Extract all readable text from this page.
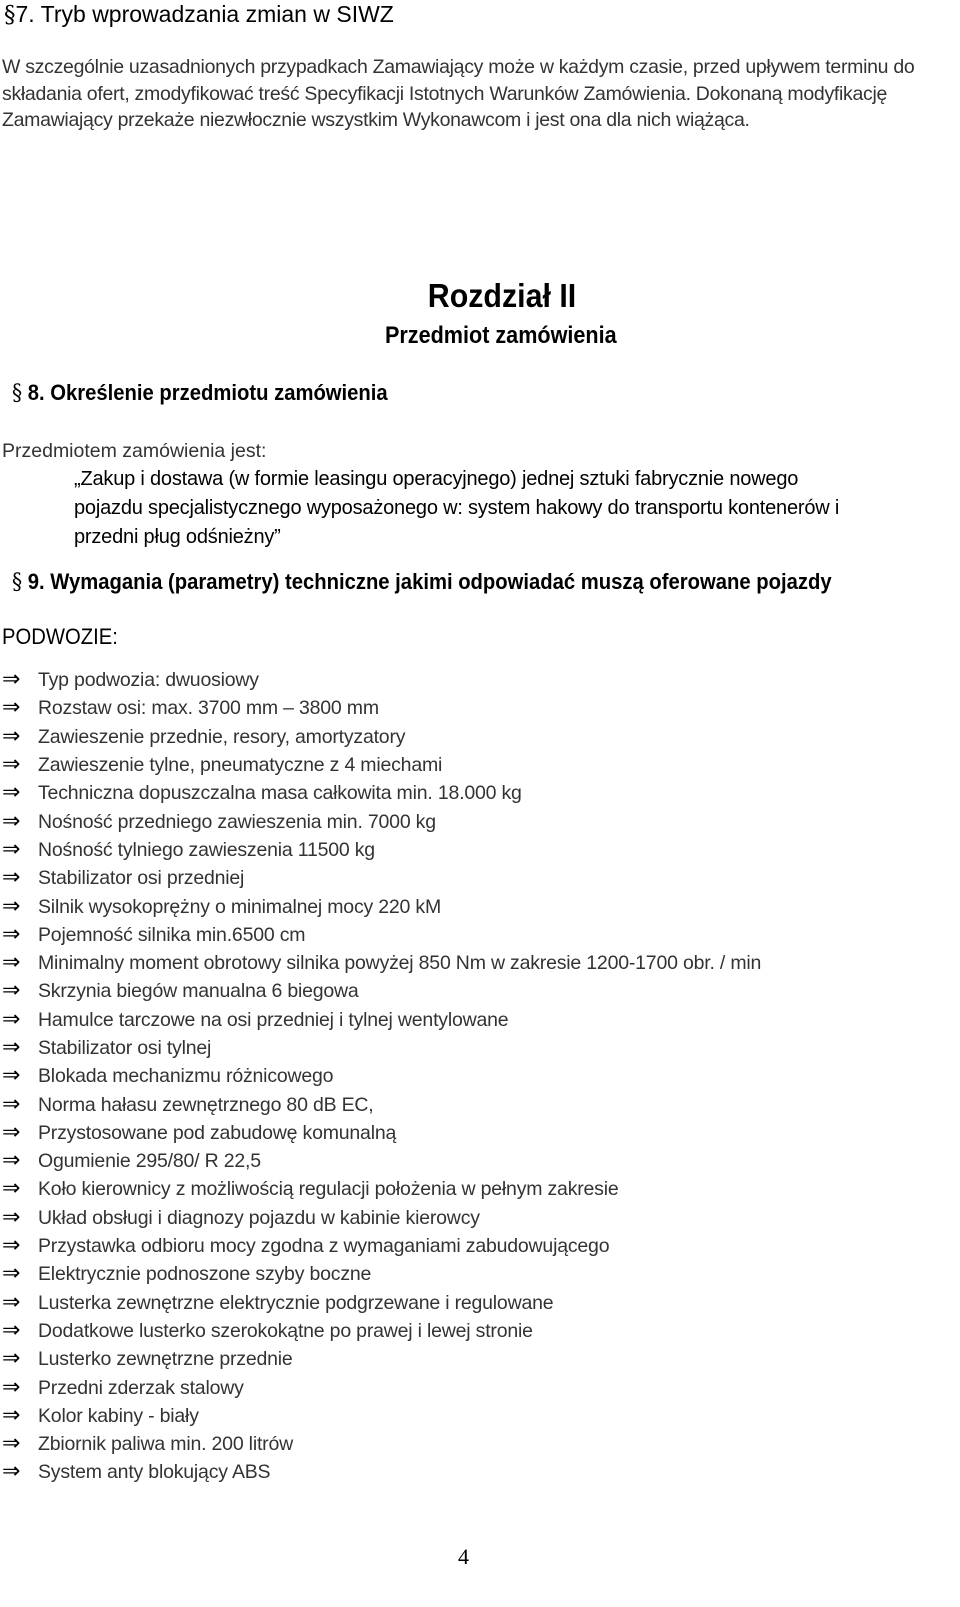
§7. Tryb wprowadzania zmian w SIWZ

W szczególnie uzasadnionych przypadkach Zamawiający może w każdym czasie, przed upływem terminu do

składania ofert, zmodyfikować treść Specyfikacji Istotnych Warunków Zamówienia. Dokonaną modyfikację

Zamawiający przekaże niezwłocznie wszystkim Wykonawcom i jest ona dla nich wiążąca.

Rozdział II
Przedmiot zamówienia
§ 8. Określenie przedmiotu zamówienia
Przedmiotem zamówienia jest:

„Zakup i dostawa (w formie leasingu operacyjnego) jednej sztuki fabrycznie nowego

pojazdu specjalistycznego wyposażonego w: system hakowy do transportu kontenerów i

przedni pług odśnieżny”

§ 9. Wymagania (parametry) techniczne jakimi odpowiadać muszą oferowane pojazdy
PODWOZIE:
⇒ Typ podwozia: dwuosiowy
⇒ Rozstaw osi: max. 3700 mm – 3800 mm
⇒ Zawieszenie przednie, resory, amortyzatory
⇒ Zawieszenie tylne, pneumatyczne z 4 miechami
⇒ Techniczna dopuszczalna masa całkowita min. 18.000 kg
⇒ Nośność przedniego zawieszenia min. 7000 kg
⇒ Nośność tylniego zawieszenia 11500 kg
⇒ Stabilizator osi przedniej
⇒ Silnik wysokoprężny o minimalnej mocy 220 kM
⇒ Pojemność silnika min.6500 cm
⇒ Minimalny moment obrotowy silnika powyżej 850 Nm w zakresie 1200-1700 obr. / min
⇒ Skrzynia biegów manualna 6 biegowa
⇒ Hamulce tarczowe na osi przedniej i tylnej wentylowane
⇒ Stabilizator osi tylnej
⇒ Blokada mechanizmu różnicowego
⇒ Norma hałasu zewnętrznego 80 dB EC,
⇒ Przystosowane pod zabudowę komunalną
⇒ Ogumienie 295/80/ R 22,5
⇒ Koło kierownicy z możliwością regulacji położenia w pełnym zakresie
⇒ Układ obsługi i diagnozy pojazdu w kabinie kierowcy
⇒ Przystawka odbioru mocy zgodna z wymaganiami zabudowującego
⇒ Elektrycznie podnoszone szyby boczne
⇒ Lusterka zewnętrzne elektrycznie podgrzewane i regulowane
⇒ Dodatkowe lusterko szerokokątne po prawej i lewej stronie
⇒ Lusterko zewnętrzne przednie
⇒ Przedni zderzak stalowy
⇒ Kolor kabiny - biały
⇒ Zbiornik paliwa min. 200 litrów
⇒ System anty blokujący ABS
4
